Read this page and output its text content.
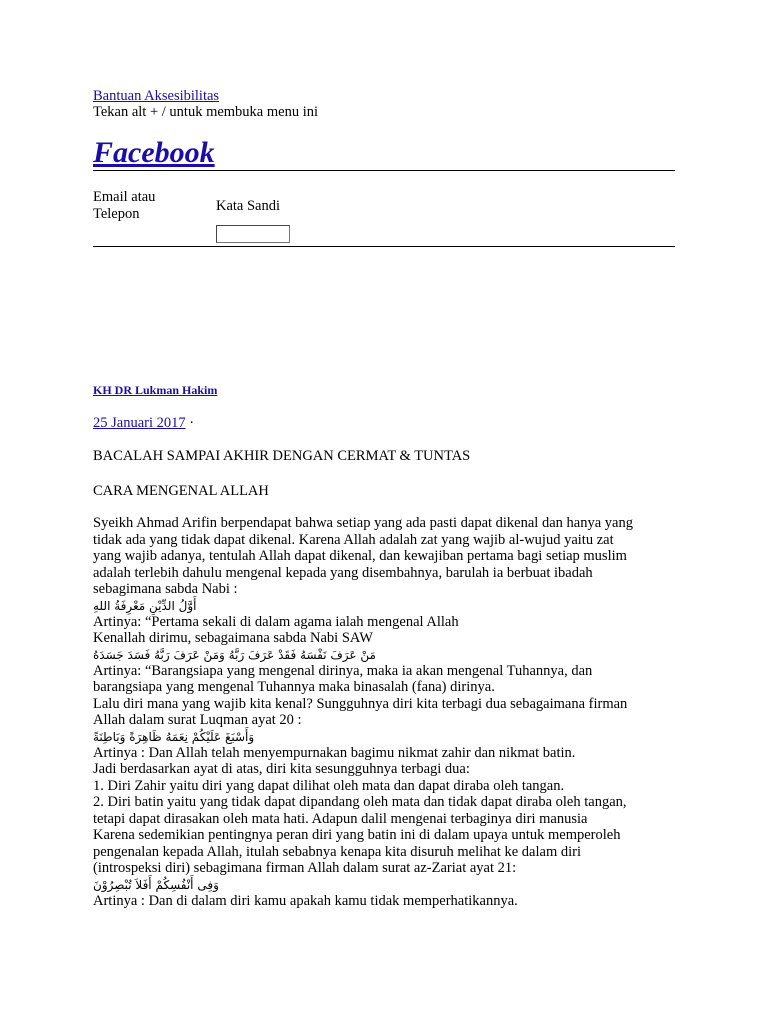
Bantuan Aksesibilitas
Tekan alt + / untuk membuka menu ini
Facebook
Email atau Telepon	Kata Sandi
KH DR Lukman Hakim
25 Januari 2017 ·
BACALAH SAMPAI AKHIR DENGAN CERMAT & TUNTAS
CARA MENGENAL ALLAH
Syeikh Ahmad Arifin berpendapat bahwa setiap yang ada pasti dapat dikenal dan hanya yang
tidak ada yang tidak dapat dikenal. Karena Allah adalah zat yang wajib al-wujud yaitu zat
yang wajib adanya, tentulah Allah dapat dikenal, dan kewajiban pertama bagi setiap muslim
adalah terlebih dahulu mengenal kepada yang disembahnya, barulah ia berbuat ibadah
sebagimana sabda Nabi :
أَوَّلُ الدِّيْنِ مَعْرِفَةُ اللهِ
Artinya: “Pertama sekali di dalam agama ialah mengenal Allah
Kenallah dirimu, sebagaimana sabda Nabi SAW
مَنْ عَرَفَ نَفْسَهُ فَقَدْ عَرَفَ رَبَّهُ وَمَنْ عَرَفَ رَبَّهُ فَسَدَ جَسَدَهُ
Artinya: “Barangsiapa yang mengenal dirinya, maka ia akan mengenal Tuhannya, dan
barangsiapa yang mengenal Tuhannya maka binasalah (fana) dirinya.
Lalu diri mana yang wajib kita kenal? Sungguhnya diri kita terbagi dua sebagaimana firman
Allah dalam surat Luqman ayat 20 :
وَأَسْبَغَ عَلَيْكُمْ نِعَمَهُ ظَاهِرَةً وَبَاطِنَةً
Artinya : Dan Allah telah menyempurnakan bagimu nikmat zahir dan nikmat batin.
Jadi berdasarkan ayat di atas, diri kita sesungguhnya terbagi dua:
1. Diri Zahir yaitu diri yang dapat dilihat oleh mata dan dapat diraba oleh tangan.
2. Diri batin yaitu yang tidak dapat dipandang oleh mata dan tidak dapat diraba oleh tangan,
tetapi dapat dirasakan oleh mata hati. Adapun dalil mengenai terbaginya diri manusia
Karena sedemikian pentingnya peran diri yang batin ini di dalam upaya untuk memperoleh
pengenalan kepada Allah, itulah sebabnya kenapa kita disuruh melihat ke dalam diri
(introspeksi diri) sebagimana firman Allah dalam surat az-Zariat ayat 21:
وَفِى أَنْفُسِكُمْ أَفَلاَ تُبْصِرُوْنَ
Artinya : Dan di dalam diri kamu apakah kamu tidak memperhatikannya.
